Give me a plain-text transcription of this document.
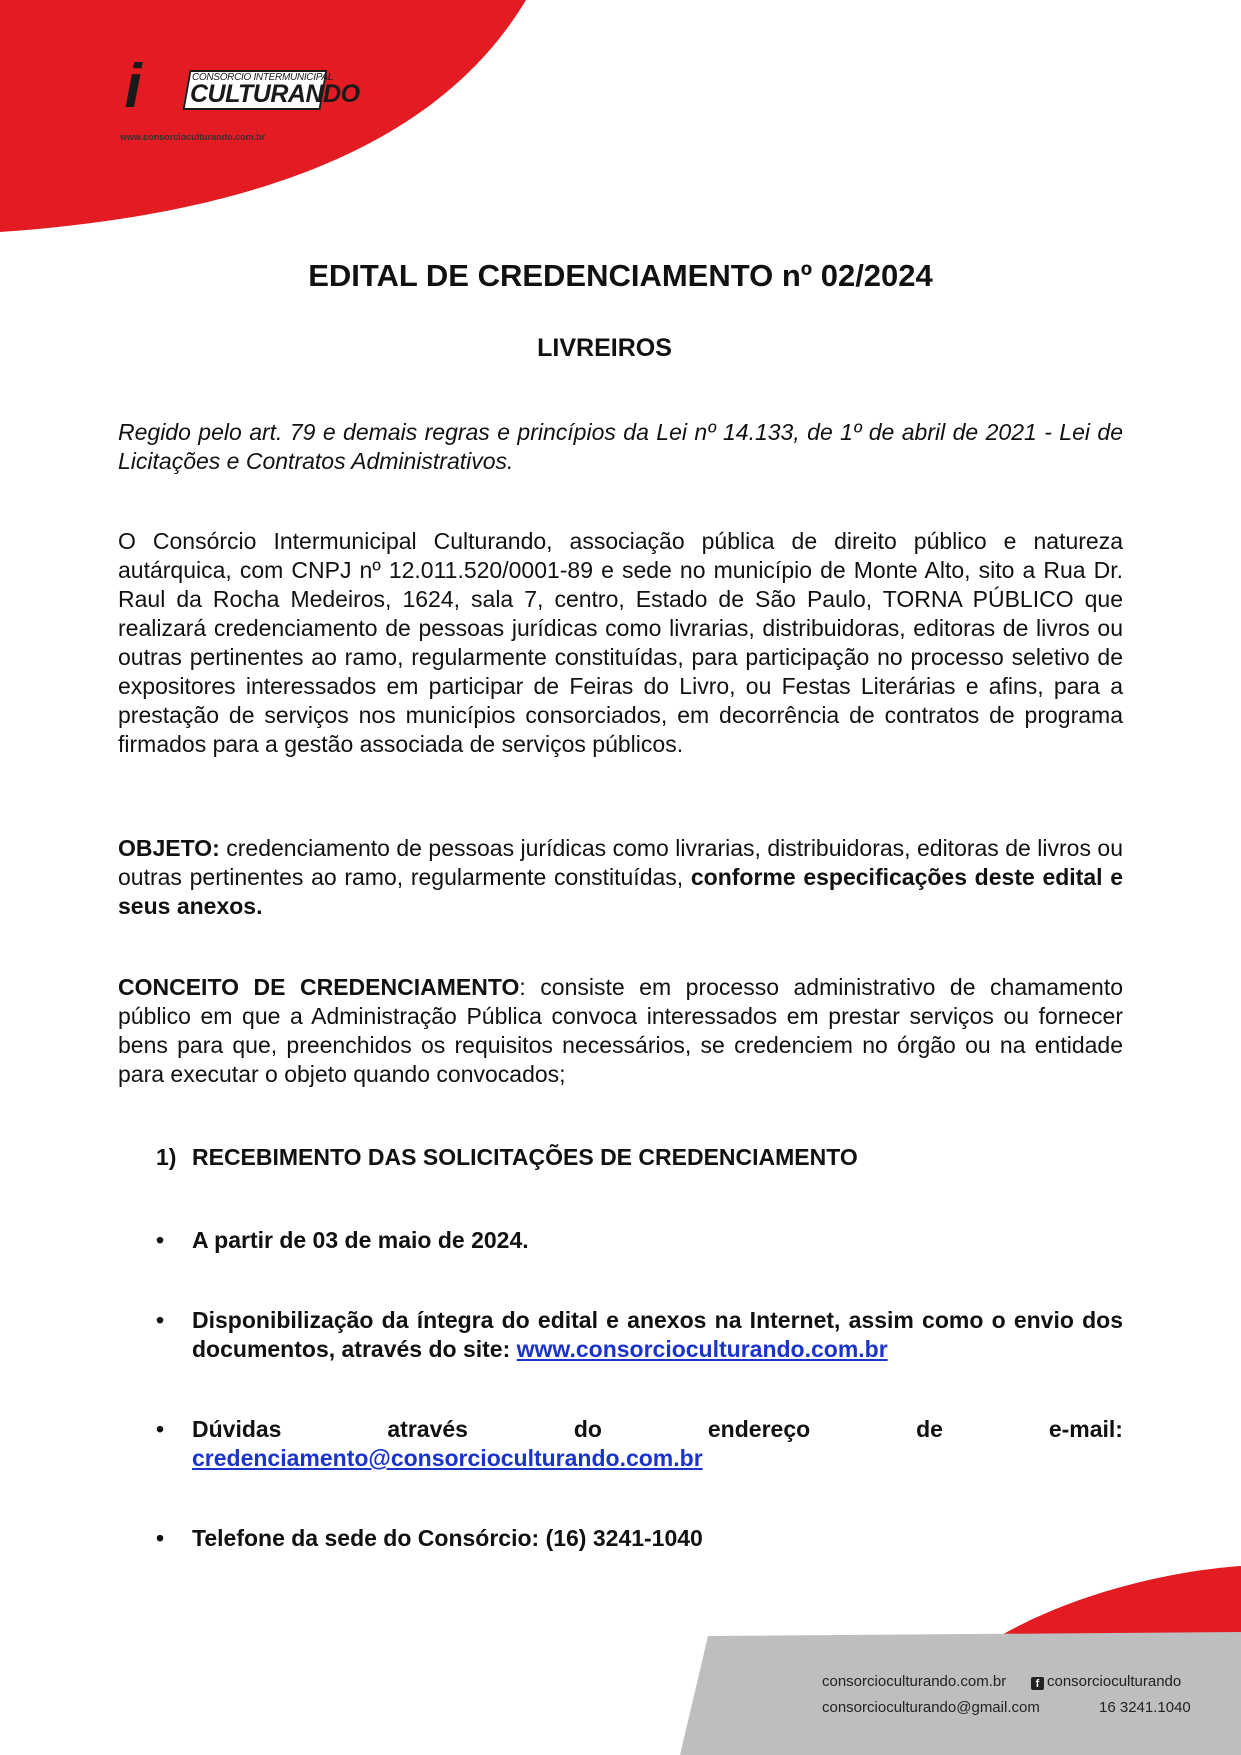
cic	CONSÓRCIO INTERMUNICIPAL
CULTURANDO
www.consorcioculturando.com.br
EDITAL DE CREDENCIAMENTO nº 02/2024
LIVREIROS
Regido pelo art. 79 e demais regras e princípios da Lei nº 14.133, de 1º de abril de 2021 - Lei de Licitações e Contratos Administrativos.
O Consórcio Intermunicipal Culturando, associação pública de direito público e natureza autárquica, com CNPJ nº 12.011.520/0001-89 e sede no município de Monte Alto, sito a Rua Dr. Raul da Rocha Medeiros, 1624, sala 7, centro, Estado de São Paulo, TORNA PÚBLICO que realizará credenciamento de pessoas jurídicas como livrarias, distribuidoras, editoras de livros ou outras pertinentes ao ramo, regularmente constituídas, para participação no processo seletivo de expositores interessados em participar de Feiras do Livro, ou Festas Literárias e afins, para a prestação de serviços nos municípios consorciados, em decorrência de contratos de programa firmados para a gestão associada de serviços públicos.
OBJETO: credenciamento de pessoas jurídicas como livrarias, distribuidoras, editoras de livros ou outras pertinentes ao ramo, regularmente constituídas, conforme especificações deste edital e seus anexos.
CONCEITO DE CREDENCIAMENTO: consiste em processo administrativo de chamamento público em que a Administração Pública convoca interessados em prestar serviços ou fornecer bens para que, preenchidos os requisitos necessários, se credenciem no órgão ou na entidade para executar o objeto quando convocados;
1) RECEBIMENTO DAS SOLICITAÇÕES DE CREDENCIAMENTO
• A partir de 03 de maio de 2024.
• Disponibilização da íntegra do edital e anexos na Internet, assim como o envio dos documentos, através do site: www.consorcioculturando.com.br
• Dúvidas	através	do	endereço	de	e-mail:
credenciamento@consorcioculturando.com.br
• Telefone da sede do Consórcio: (16) 3241-1040
consorcioculturando.com.br	f consorcioculturando
consorcioculturando@gmail.com	16 3241.1040
